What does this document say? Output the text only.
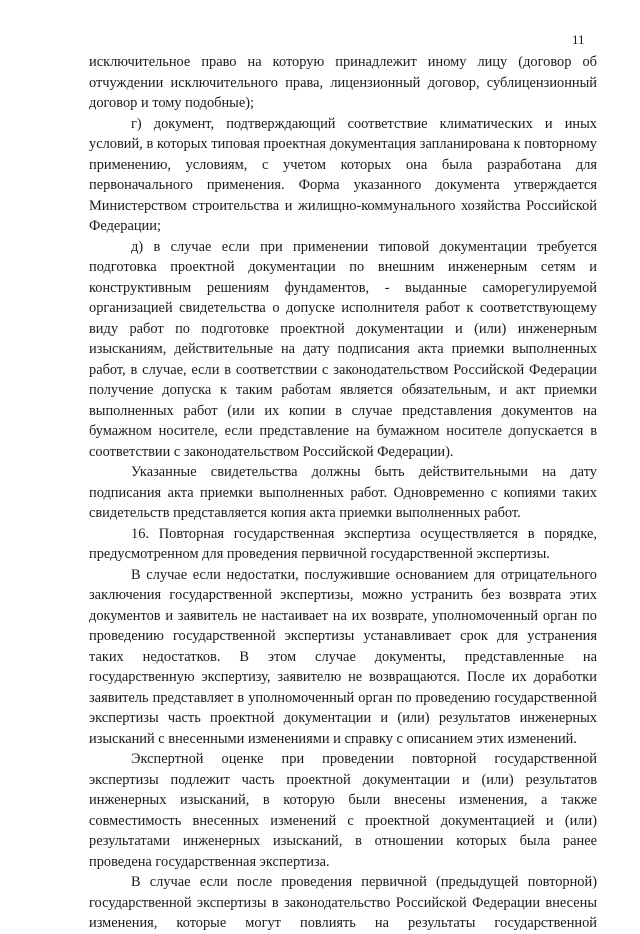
11

исключительное право на которую принадлежит иному лицу (договор об отчуждении исключительного права, лицензионный договор, сублицензионный договор и тому подобные);

г) документ, подтверждающий соответствие климатических и иных условий, в которых типовая проектная документация запланирована к повторному применению, условиям, с учетом которых она была разработана для первоначального применения. Форма указанного документа утверждается Министерством строительства и жилищно-коммунального хозяйства Российской Федерации;

д) в случае если при применении типовой документации требуется подготовка проектной документации по внешним инженерным сетям и конструктивным решениям фундаментов, - выданные саморегулируемой организацией свидетельства о допуске исполнителя работ к соответствующему виду работ по подготовке проектной документации и (или) инженерным изысканиям, действительные на дату подписания акта приемки выполненных работ, в случае, если в соответствии с законодательством Российской Федерации получение допуска к таким работам является обязательным, и акт приемки выполненных работ (или их копии в случае представления документов на бумажном носителе, если представление на бумажном носителе допускается в соответствии с законодательством Российской Федерации).

Указанные свидетельства должны быть действительными на дату подписания акта приемки выполненных работ. Одновременно с копиями таких свидетельств представляется копия акта приемки выполненных работ.

16. Повторная государственная экспертиза осуществляется в порядке, предусмотренном для проведения первичной государственной экспертизы.

В случае если недостатки, послужившие основанием для отрицательного заключения государственной экспертизы, можно устранить без возврата этих документов и заявитель не настаивает на их возврате, уполномоченный орган по проведению государственной экспертизы устанавливает срок для устранения таких недостатков. В этом случае документы, представленные на государственную экспертизу, заявителю не возвращаются. После их доработки заявитель представляет в уполномоченный орган по проведению государственной экспертизы часть проектной документации и (или) результатов инженерных изысканий с внесенными изменениями и справку с описанием этих изменений.

Экспертной оценке при проведении повторной государственной экспертизы подлежит часть проектной документации и (или) результатов инженерных изысканий, в которую были внесены изменения, а также совместимость внесенных изменений с проектной документацией и (или) результатами инженерных изысканий, в отношении которых была ранее проведена государственная экспертиза.

В случае если после проведения первичной (предыдущей повторной) государственной экспертизы в законодательство Российской Федерации внесены изменения, которые могут повлиять на результаты государственной
